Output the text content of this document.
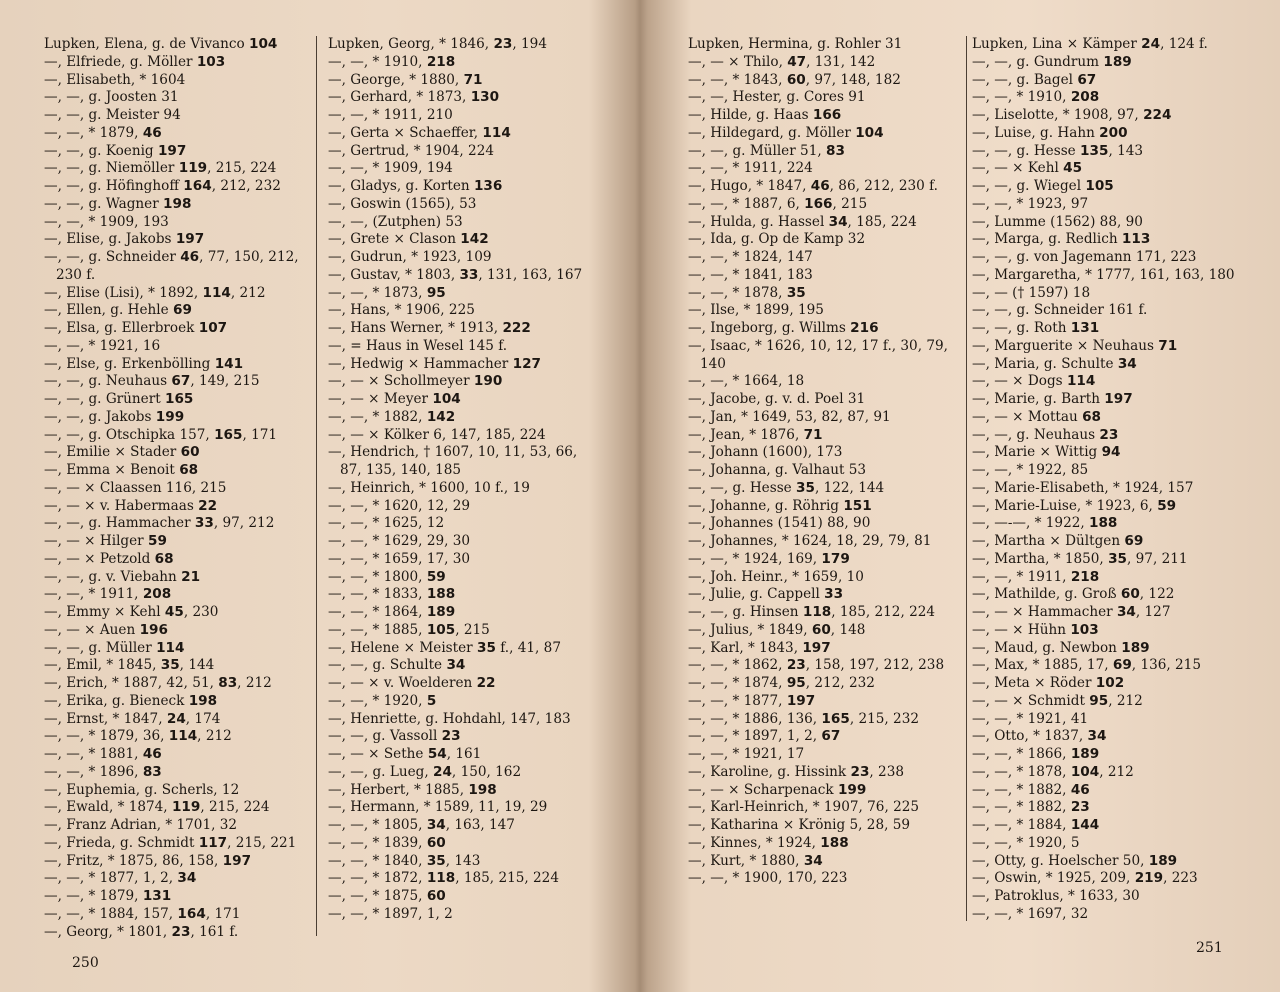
Lupken, Elena, g. de Vivanco 104

—, Elfriede, g. Möller 103

—, Elisabeth, * 1604

—, —, g. Joosten 31

—, —, g. Meister 94

—, —, * 1879, 46

—, —, g. Koenig 197

—, —, g. Niemöller 119, 215, 224

—, —, g. Höfinghoff 164, 212, 232

—, —, g. Wagner 198

—, —, * 1909, 193

—, Elise, g. Jakobs 197

—, —, g. Schneider 46, 77, 150, 212, 230 f.

—, Elise (Lisi), * 1892, 114, 212

—, Ellen, g. Hehle 69

—, Elsa, g. Ellerbroek 107

—, —, * 1921, 16

—, Else, g. Erkenbölling 141

—, —, g. Neuhaus 67, 149, 215

—, —, g. Grünert 165

—, —, g. Jakobs 199

—, —, g. Otschipka 157, 165, 171

—, Emilie × Stader 60

—, Emma × Benoit 68

—, — × Claassen 116, 215

—, — × v. Habermaas 22

—, —, g. Hammacher 33, 97, 212

—, — × Hilger 59

—, — × Petzold 68

—, —, g. v. Viebahn 21

—, —, * 1911, 208

—, Emmy × Kehl 45, 230

—, — × Auen 196

—, —, g. Müller 114

—, Emil, * 1845, 35, 144

—, Erich, * 1887, 42, 51, 83, 212

—, Erika, g. Bieneck 198

—, Ernst, * 1847, 24, 174

—, —, * 1879, 36, 114, 212

—, —, * 1881, 46

—, —, * 1896, 83

—, Euphemia, g. Scherls, 12

—, Ewald, * 1874, 119, 215, 224

—, Franz Adrian, * 1701, 32

—, Frieda, g. Schmidt 117, 215, 221

—, Fritz, * 1875, 86, 158, 197

—, —, * 1877, 1, 2, 34

—, —, * 1879, 131

—, —, * 1884, 157, 164, 171

—, Georg, * 1801, 23, 161 f.

Lupken, Georg, * 1846, 23, 194

—, —, * 1910, 218

—, George, * 1880, 71

—, Gerhard, * 1873, 130

—, —, * 1911, 210

—, Gerta × Schaeffer, 114

—, Gertrud, * 1904, 224

—, —, * 1909, 194

—, Gladys, g. Korten 136

—, Goswin (1565), 53

—, —, (Zutphen) 53

—, Grete × Clason 142

—, Gudrun, * 1923, 109

—, Gustav, * 1803, 33, 131, 163, 167

—, —, * 1873, 95

—, Hans, * 1906, 225

—, Hans Werner, * 1913, 222

—, = Haus in Wesel 145 f.

—, Hedwig × Hammacher 127

—, — × Schollmeyer 190

—, — × Meyer 104

—, —, * 1882, 142

—, — × Kölker 6, 147, 185, 224

—, Hendrich, † 1607, 10, 11, 53, 66, 87, 135, 140, 185

—, Heinrich, * 1600, 10 f., 19

—, —, * 1620, 12, 29

—, —, * 1625, 12

—, —, * 1629, 29, 30

—, —, * 1659, 17, 30

—, —, * 1800, 59

—, —, * 1833, 188

—, —, * 1864, 189

—, —, * 1885, 105, 215

—, Helene × Meister 35 f., 41, 87

—, —, g. Schulte 34

—, — × v. Woelderen 22

—, —, * 1920, 5

—, Henriette, g. Hohdahl, 147, 183

—, —, g. Vassoll 23

—, — × Sethe 54, 161

—, —, g. Lueg, 24, 150, 162

—, Herbert, * 1885, 198

—, Hermann, * 1589, 11, 19, 29

—, —, * 1805, 34, 163, 147

—, —, * 1839, 60

—, —, * 1840, 35, 143

—, —, * 1872, 118, 185, 215, 224

—, —, * 1875, 60

—, —, * 1897, 1, 2

Lupken, Hermina, g. Rohler 31

—, — × Thilo, 47, 131, 142

—, —, * 1843, 60, 97, 148, 182

—, —, Hester, g. Cores 91

—, Hilde, g. Haas 166

—, Hildegard, g. Möller 104

—, —, g. Müller 51, 83

—, —, * 1911, 224

—, Hugo, * 1847, 46, 86, 212, 230 f.

—, —, * 1887, 6, 166, 215

—, Hulda, g. Hassel 34, 185, 224

—, Ida, g. Op de Kamp 32

—, —, * 1824, 147

—, —, * 1841, 183

—, —, * 1878, 35

—, Ilse, * 1899, 195

—, Ingeborg, g. Willms 216

—, Isaac, * 1626, 10, 12, 17 f., 30, 79, 140

—, —, * 1664, 18

—, Jacobe, g. v. d. Poel 31

—, Jan, * 1649, 53, 82, 87, 91

—, Jean, * 1876, 71

—, Johann (1600), 173

—, Johanna, g. Valhaut 53

—, —, g. Hesse 35, 122, 144

—, Johanne, g. Röhrig 151

—, Johannes (1541) 88, 90

—, Johannes, * 1624, 18, 29, 79, 81

—, —, * 1924, 169, 179

—, Joh. Heinr., * 1659, 10

—, Julie, g. Cappell 33

—, —, g. Hinsen 118, 185, 212, 224

—, Julius, * 1849, 60, 148

—, Karl, * 1843, 197

—, —, * 1862, 23, 158, 197, 212, 238

—, —, * 1874, 95, 212, 232

—, —, * 1877, 197

—, —, * 1886, 136, 165, 215, 232

—, —, * 1897, 1, 2, 67

—, —, * 1921, 17

—, Karoline, g. Hissink 23, 238

—, — × Scharpenack 199

—, Karl-Heinrich, * 1907, 76, 225

—, Katharina × Krönig 5, 28, 59

—, Kinnes, * 1924, 188

—, Kurt, * 1880, 34

—, —, * 1900, 170, 223

Lupken, Lina × Kämper 24, 124 f.

—, —, g. Gundrum 189

—, —, g. Bagel 67

—, —, * 1910, 208

—, Liselotte, * 1908, 97, 224

—, Luise, g. Hahn 200

—, —, g. Hesse 135, 143

—, — × Kehl 45

—, —, g. Wiegel 105

—, —, * 1923, 97

—, Lumme (1562) 88, 90

—, Marga, g. Redlich 113

—, —, g. von Jagemann 171, 223

—, Margaretha, * 1777, 161, 163, 180

—, — († 1597) 18

—, —, g. Schneider 161 f.

—, —, g. Roth 131

—, Marguerite × Neuhaus 71

—, Maria, g. Schulte 34

—, — × Dogs 114

—, Marie, g. Barth 197

—, — × Mottau 68

—, —, g. Neuhaus 23

—, Marie × Wittig 94

—, —, * 1922, 85

—, Marie-Elisabeth, * 1924, 157

—, Marie-Luise, * 1923, 6, 59

—, —-—, * 1922, 188

—, Martha × Dültgen 69

—, Martha, * 1850, 35, 97, 211

—, —, * 1911, 218

—, Mathilde, g. Groß 60, 122

—, — × Hammacher 34, 127

—, — × Hühn 103

—, Maud, g. Newbon 189

—, Max, * 1885, 17, 69, 136, 215

—, Meta × Röder 102

—, — × Schmidt 95, 212

—, —, * 1921, 41

—, Otto, * 1837, 34

—, —, * 1866, 189

—, —, * 1878, 104, 212

—, —, * 1882, 46

—, —, * 1882, 23

—, —, * 1884, 144

—, —, * 1920, 5

—, Otty, g. Hoelscher 50, 189

—, Oswin, * 1925, 209, 219, 223

—, Patroklus, * 1633, 30

—, —, * 1697, 32

250
251
